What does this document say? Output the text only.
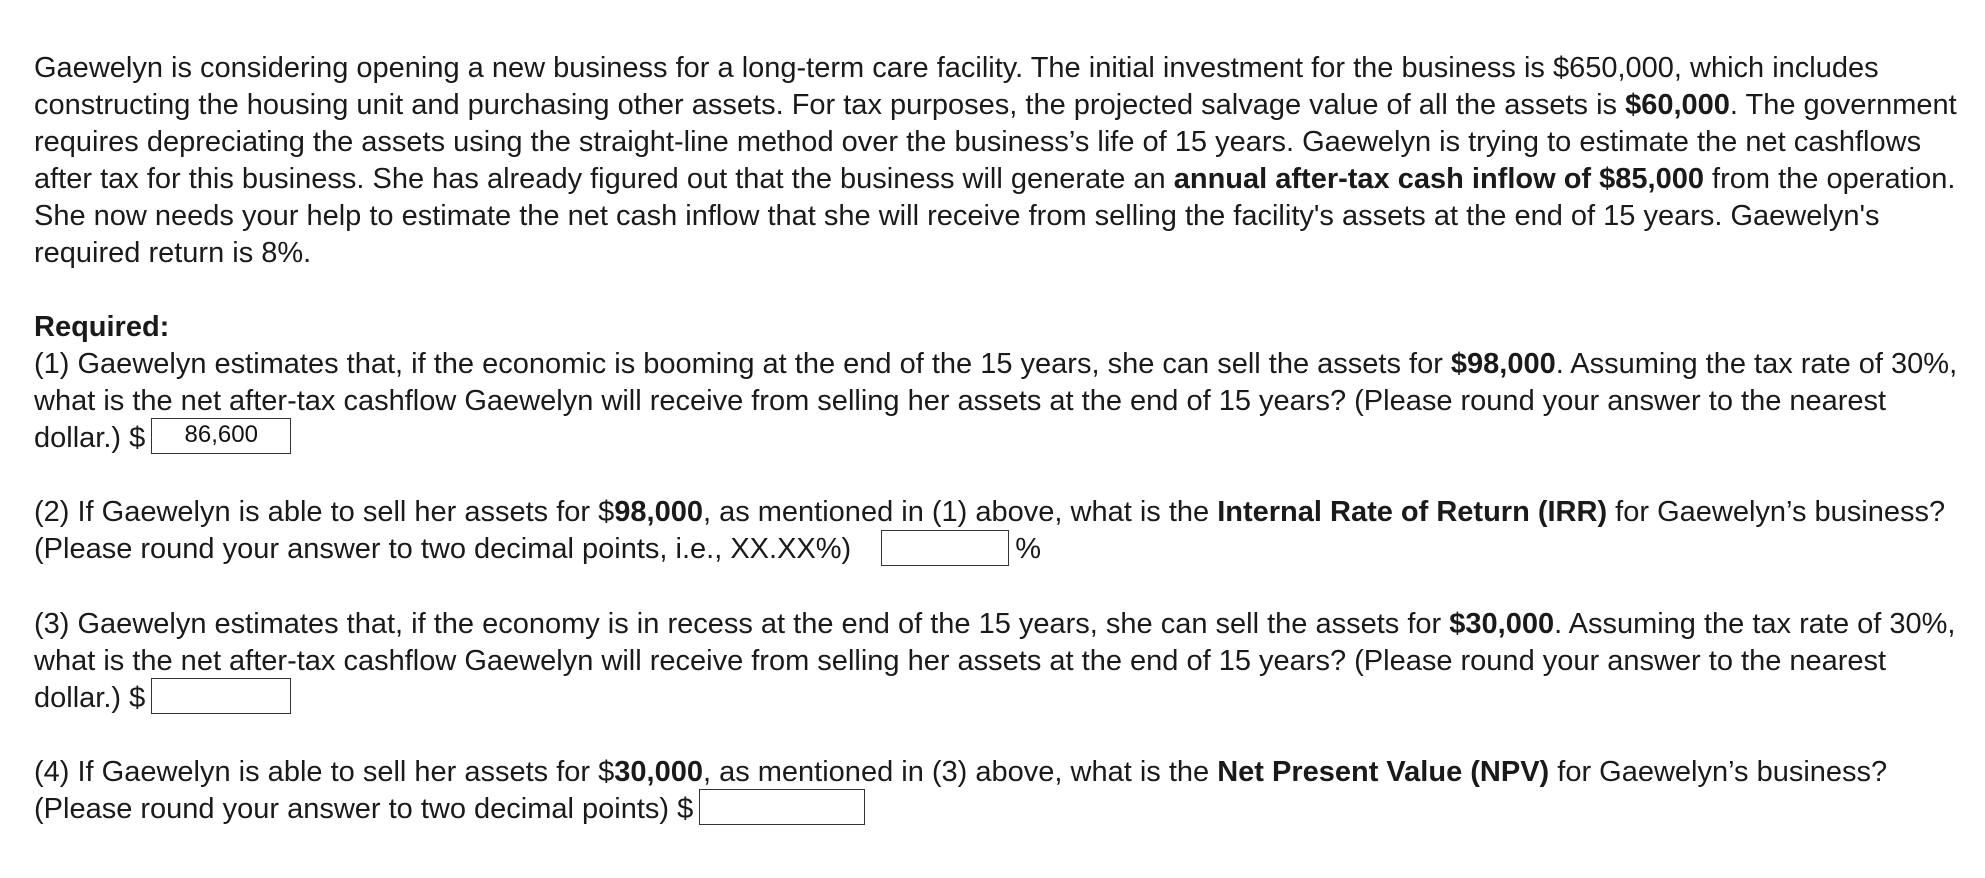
Gaewelyn is considering opening a new business for a long-term care facility. The initial investment for the business is $650,000, which includes constructing the housing unit and purchasing other assets. For tax purposes, the projected salvage value of all the assets is $60,000. The government requires depreciating the assets using the straight-line method over the business’s life of 15 years. Gaewelyn is trying to estimate the net cashflows after tax for this business. She has already figured out that the business will generate an annual after-tax cash inflow of $85,000 from the operation. She now needs your help to estimate the net cash inflow that she will receive from selling the facility's assets at the end of 15 years. Gaewelyn's required return is 8%.

Required:

(1) Gaewelyn estimates that, if the economic is booming at the end of the 15 years, she can sell the assets for $98,000. Assuming the tax rate of 30%, what is the net after-tax cashflow Gaewelyn will receive from selling her assets at the end of 15 years? (Please round your answer to the nearest dollar.) $ 86,600

(2) If Gaewelyn is able to sell her assets for $98,000, as mentioned in (1) above, what is the Internal Rate of Return (IRR) for Gaewelyn’s business? (Please round your answer to two decimal points, i.e., XX.XX%)	%

(3) Gaewelyn estimates that, if the economy is in recess at the end of the 15 years, she can sell the assets for $30,000. Assuming the tax rate of 30%, what is the net after-tax cashflow Gaewelyn will receive from selling her assets at the end of 15 years? (Please round your answer to the nearest dollar.) $

(4) If Gaewelyn is able to sell her assets for $30,000, as mentioned in (3) above, what is the Net Present Value (NPV) for Gaewelyn’s business? (Please round your answer to two decimal points) $
